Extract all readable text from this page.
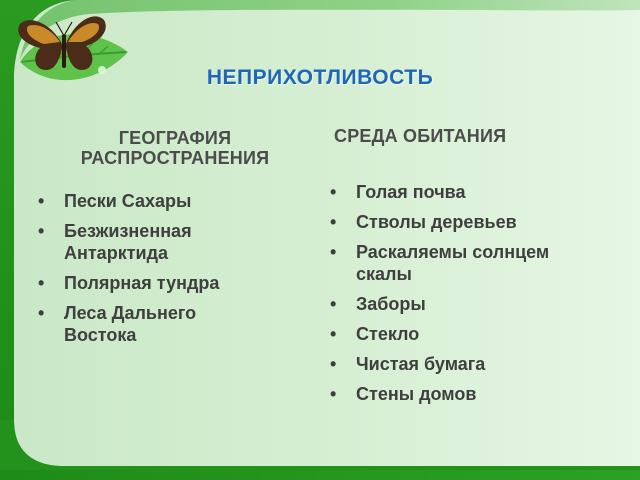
НЕПРИХОТЛИВОСТЬ
ГЕОГРАФИЯ
РАСПРОСТРАНЕНИЯ
СРЕДА ОБИТАНИЯ
• Пески Сахары
• Безжизненная
Антарктида
• Полярная тундра
• Леса Дальнего
Востока
• Голая почва
• Стволы деревьев
• Раскаляемы солнцем
скалы
• Заборы
• Стекло
• Чистая бумага
• Стены домов
